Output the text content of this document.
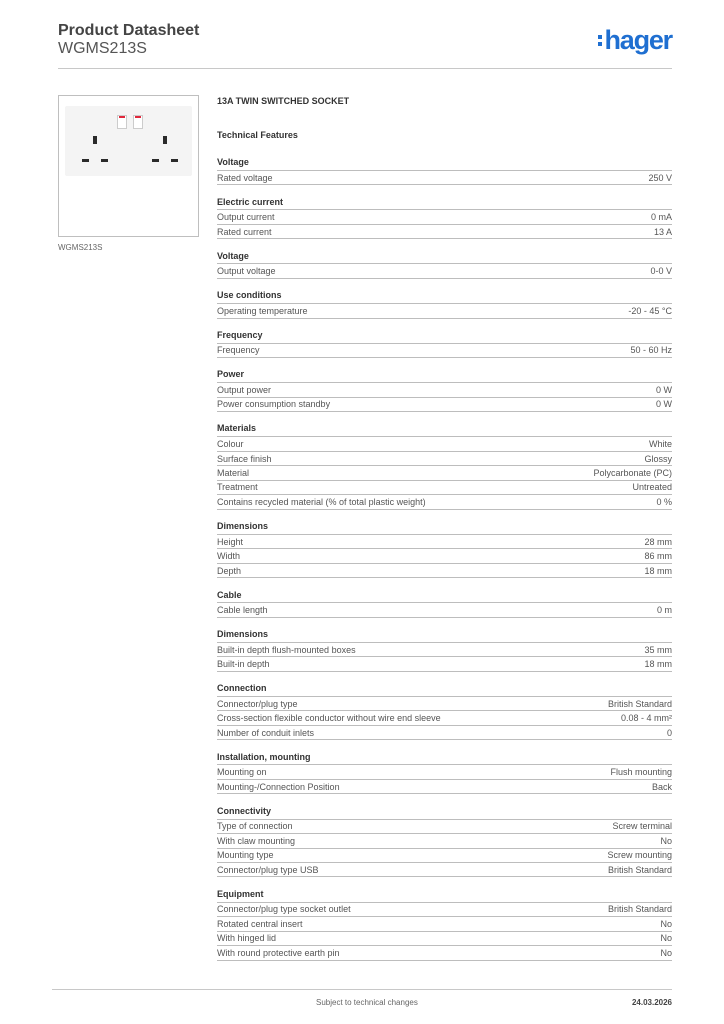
Product Datasheet
WGMS213S	hager
WGMS213S
13A TWIN SWITCHED SOCKET
Technical Features
Voltage
Rated voltage	250 V
Electric current
Output current	0 mA
Rated current	13 A
Voltage
Output voltage	0-0 V
Use conditions
Operating temperature	-20 - 45 °C
Frequency
Frequency	50 - 60 Hz
Power
Output power	0 W
Power consumption standby	0 W
Materials
Colour	White
Surface finish	Glossy
Material	Polycarbonate (PC)
Treatment	Untreated
Contains recycled material (% of total plastic weight)	0 %
Dimensions
Height	28 mm
Width	86 mm
Depth	18 mm
Cable
Cable length	0 m
Dimensions
Built-in depth flush-mounted boxes	35 mm
Built-in depth	18 mm
Connection
Connector/plug type	British Standard
Cross-section flexible conductor without wire end sleeve	0.08 - 4 mm²
Number of conduit inlets	0
Installation, mounting
Mounting on	Flush mounting
Mounting-/Connection Position	Back
Connectivity
Type of connection	Screw terminal
With claw mounting	No
Mounting type	Screw mounting
Connector/plug type USB	British Standard
Equipment
Connector/plug type socket outlet	British Standard
Rotated central insert	No
With hinged lid	No
With round protective earth pin	No
Subject to technical changes	24.03.2026
